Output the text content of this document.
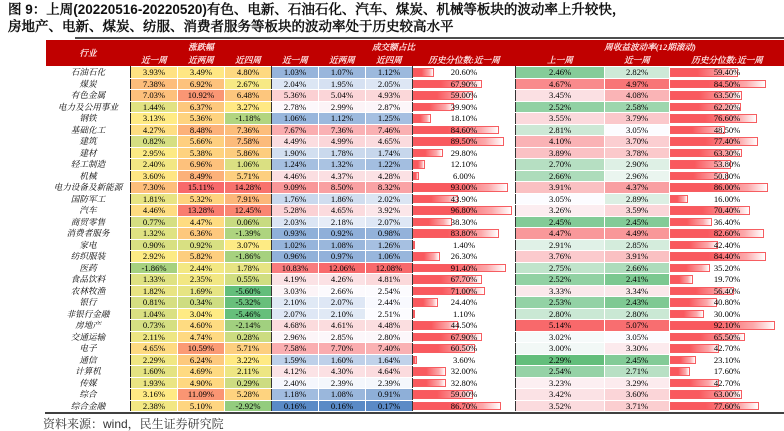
图 9：上周(20220516-20220520)有色、电新、石油石化、汽车、煤炭、机械等板块的波动率上升较快，
房地产、电新、煤炭、纺服、消费者服务等板块的波动率处于历史较高水平
行业	涨跌幅			成交额占比				周收益波动率(12期滚动)		
	近一周	近两周	近四周	近一周	近两周	近四周	历史分位数:近一周	上一周	近一周	历史分位数:近一周
石油石化	3.93%	3.49%	4.80%	1.03%	1.07%	1.12%	20.60%	2.46%	2.82%	59.40%
煤炭	7.38%	6.92%	2.67%	2.04%	1.95%	2.05%	67.90%	4.67%	4.97%	84.50%
有色金属	7.03%	10.92%	6.48%	5.36%	5.04%	4.93%	59.00%	3.45%	4.08%	63.50%
电力及公用事业	1.44%	6.37%	3.27%	2.78%	2.99%	2.87%	39.90%	2.52%	2.58%	62.20%
钢铁	3.13%	5.36%	-1.18%	1.06%	1.12%	1.25%	18.10%	3.55%	3.79%	76.60%
基础化工	4.27%	8.48%	7.36%	7.67%	7.36%	7.46%	84.60%	2.81%	3.05%	48.50%
建筑	0.82%	5.66%	7.58%	4.49%	4.99%	4.65%	89.50%	4.10%	3.70%	77.40%
建材	2.95%	5.38%	5.86%	1.90%	1.78%	1.74%	29.80%	3.89%	3.78%	63.30%
轻工制造	2.40%	6.96%	1.06%	1.24%	1.32%	1.22%	12.10%	2.70%	2.90%	53.80%
机械	3.60%	8.49%	5.71%	4.46%	4.37%	4.28%	6.00%	2.66%	2.96%	50.80%
电力设备及新能源	7.30%	15.11%	14.28%	9.09%	8.50%	8.32%	93.00%	3.91%	4.37%	86.00%
国防军工	1.81%	5.32%	7.91%	1.76%	1.86%	2.02%	43.90%	3.05%	2.89%	16.00%
汽车	4.46%	13.28%	12.45%	5.28%	4.65%	3.92%	96.80%	3.26%	3.59%	70.40%
商贸零售	0.77%	4.47%	0.06%	2.03%	2.18%	2.07%	38.30%	2.45%	2.45%	36.40%
消费者服务	1.32%	6.36%	-1.39%	0.93%	0.92%	0.98%	83.80%	4.47%	4.49%	82.60%
家电	0.90%	0.92%	3.07%	1.02%	1.08%	1.26%	1.40%	2.91%	2.85%	42.40%
纺织服装	2.92%	5.82%	-1.86%	0.96%	0.97%	1.06%	26.30%	3.76%	3.91%	84.40%
医药	-1.86%	2.44%	1.78%	10.83%	12.06%	12.08%	91.40%	2.75%	2.66%	35.20%
食品饮料	1.33%	2.35%	0.55%	4.19%	4.26%	4.81%	67.70%	2.52%	2.41%	19.70%
农林牧渔	1.82%	1.69%	-5.60%	3.03%	2.66%	2.54%	71.00%	3.33%	3.34%	56.40%
银行	0.81%	0.34%	-5.32%	2.10%	2.07%	2.44%	24.40%	2.53%	2.43%	40.80%
非银行金融	1.04%	3.04%	-5.46%	2.07%	2.10%	2.51%	1.10%	2.80%	2.80%	30.00%
房地产	0.73%	4.60%	-2.14%	4.68%	4.61%	4.48%	44.50%	5.14%	5.07%	92.10%
交通运输	2.11%	4.74%	0.28%	2.96%	2.85%	2.80%	67.90%	3.02%	3.05%	65.50%
电子	4.65%	10.59%	5.71%	7.58%	7.70%	7.40%	60.50%	3.00%	3.30%	42.70%
通信	2.29%	6.24%	3.22%	1.59%	1.60%	1.64%	3.60%	2.29%	2.45%	23.10%
计算机	1.60%	4.69%	2.11%	4.12%	4.30%	4.64%	32.00%	2.54%	2.71%	17.60%
传媒	1.93%	4.90%	0.29%	2.40%	2.39%	2.39%	32.80%	3.23%	3.29%	42.70%
综合	3.16%	11.09%	5.28%	1.18%	1.08%	0.91%	59.00%	3.42%	3.60%	63.00%
综合金融	2.38%	5.10%	-2.92%	0.16%	0.16%	0.17%	86.70%	3.52%	3.71%	77.60%
资料来源：wind，民生证券研究院
